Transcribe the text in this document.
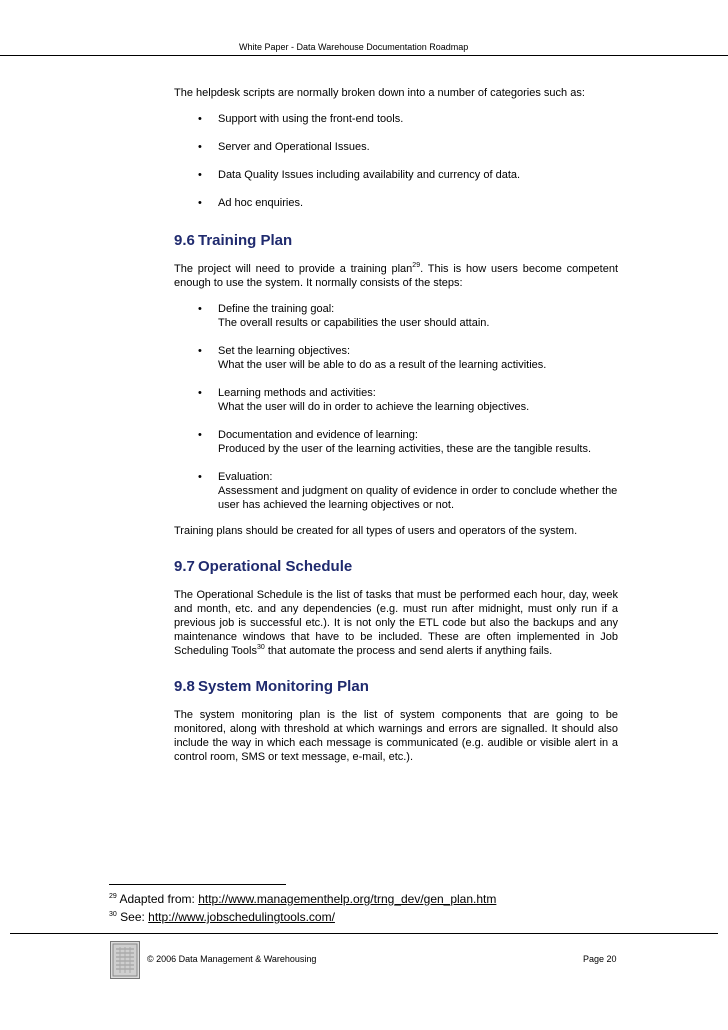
White Paper - Data Warehouse Documentation Roadmap

The helpdesk scripts are normally broken down into a number of categories such as:

• Support with using the front-end tools.
• Server and Operational Issues.
• Data Quality Issues including availability and currency of data.
• Ad hoc enquiries.
9.6 Training Plan

The project will need to provide a training plan$^{29}$. This is how users become competent enough to use the system. It normally consists of the steps:

• Define the training goal:
The overall results or capabilities the user should attain.
• Set the learning objectives:
What the user will be able to do as a result of the learning activities.
• Learning methods and activities:
What the user will do in order to achieve the learning objectives.
• Documentation and evidence of learning:
Produced by the user of the learning activities, these are the tangible results.
• Evaluation:
Assessment and judgment on quality of evidence in order to conclude whether the user has achieved the learning objectives or not.

Training plans should be created for all types of users and operators of the system.

9.7 Operational Schedule

The Operational Schedule is the list of tasks that must be performed each hour, day, week and month, etc. and any dependencies (e.g. must run after midnight, must only run if a previous job is successful etc.). It is not only the ETL code but also the backups and any maintenance windows that have to be included. These are often implemented in Job Scheduling Tools$^{30}$ that automate the process and send alerts if anything fails.

9.8 System Monitoring Plan

The system monitoring plan is the list of system components that are going to be monitored, along with threshold at which warnings and errors are signalled. It should also include the way in which each message is communicated (e.g. audible or visible alert in a control room, SMS or text message, e-mail, etc.).

$^{29}$ Adapted from: http://www.managementhelp.org/trng_dev/gen_plan.htm
$^{30}$ See: http://www.jobschedulingtools.com/
© 2006 Data Management & Warehousing	Page 20
